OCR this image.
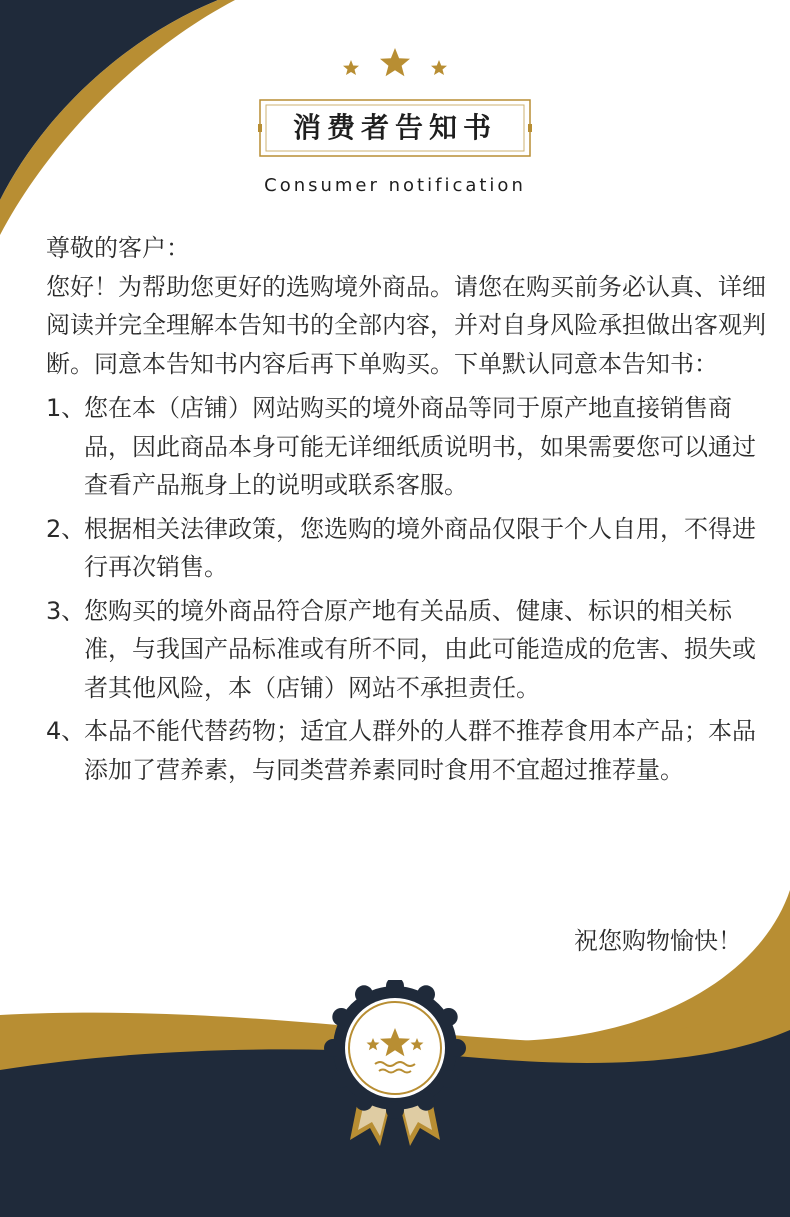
消费者告知书
Consumer notification

尊敬的客户：

您好！为帮助您更好的选购境外商品。请您在购买前务必认真、详细阅读并完全理解本告知书的全部内容，并对自身风险承担做出客观判断。同意本告知书内容后再下单购买。下单默认同意本告知书：

1、
您在本（店铺）网站购买的境外商品等同于原产地直接销售商品，因此商品本身可能无详细纸质说明书，如果需要您可以通过查看产品瓶身上的说明或联系客服。
2、
根据相关法律政策，您选购的境外商品仅限于个人自用，不得进行再次销售。
3、
您购买的境外商品符合原产地有关品质、健康、标识的相关标准，与我国产品标准或有所不同，由此可能造成的危害、损失或者其他风险，本（店铺）网站不承担责任。
4、
本品不能代替药物；适宜人群外的人群不推荐食用本产品；本品添加了营养素，与同类营养素同时食用不宜超过推荐量。
祝您购物愉快！
